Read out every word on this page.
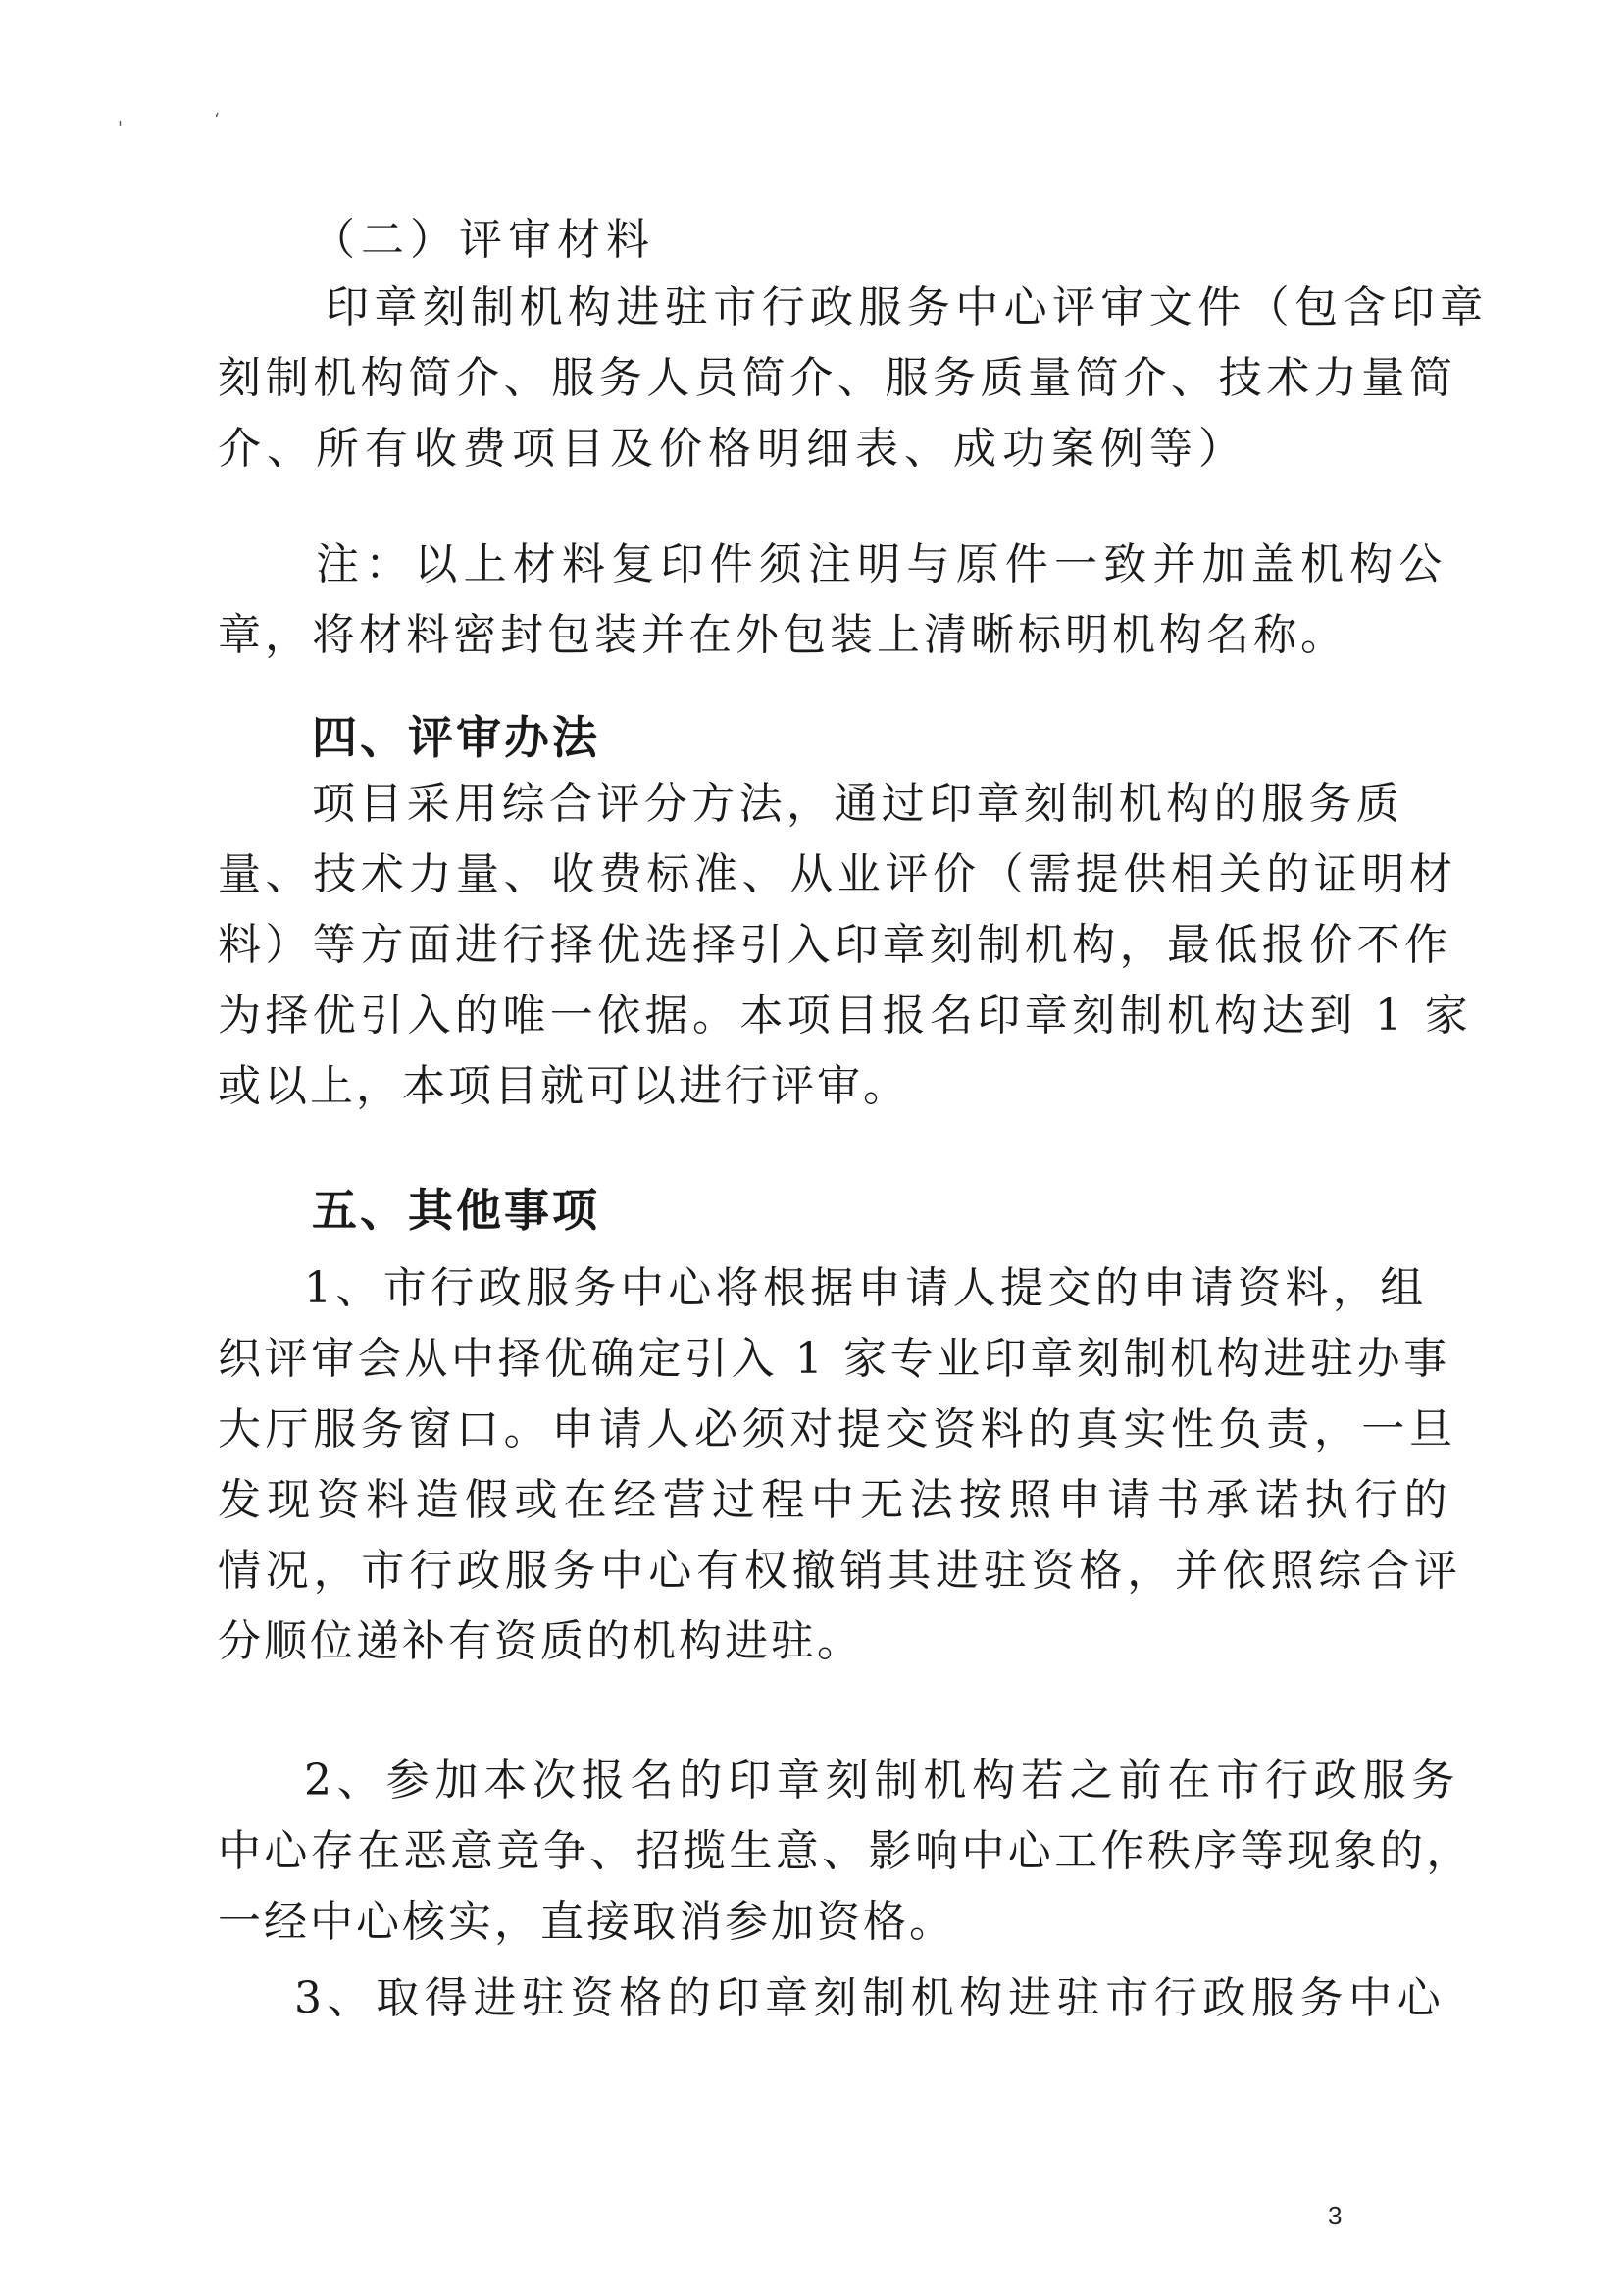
'	‘
（二）评审材料
印章刻制机构进驻市行政服务中心评审文件（包含印章
刻制机构简介、服务人员简介、服务质量简介、技术力量简
介、所有收费项目及价格明细表、成功案例等）
注：以上材料复印件须注明与原件一致并加盖机构公
章，将材料密封包装并在外包装上清晰标明机构名称。
四、评审办法
项目采用综合评分方法，通过印章刻制机构的服务质
量、技术力量、收费标准、从业评价（需提供相关的证明材
料）等方面进行择优选择引入印章刻制机构，最低报价不作
为择优引入的唯一依据。本项目报名印章刻制机构达到 1 家
或以上，本项目就可以进行评审。
五、其他事项
1、市行政服务中心将根据申请人提交的申请资料，组
织评审会从中择优确定引入 1 家专业印章刻制机构进驻办事
大厅服务窗口。申请人必须对提交资料的真实性负责，一旦
发现资料造假或在经营过程中无法按照申请书承诺执行的
情况，市行政服务中心有权撤销其进驻资格，并依照综合评
分顺位递补有资质的机构进驻。
2、参加本次报名的印章刻制机构若之前在市行政服务
中心存在恶意竞争、招揽生意、影响中心工作秩序等现象的，
一经中心核实，直接取消参加资格。
3、取得进驻资格的印章刻制机构进驻市行政服务中心
3
